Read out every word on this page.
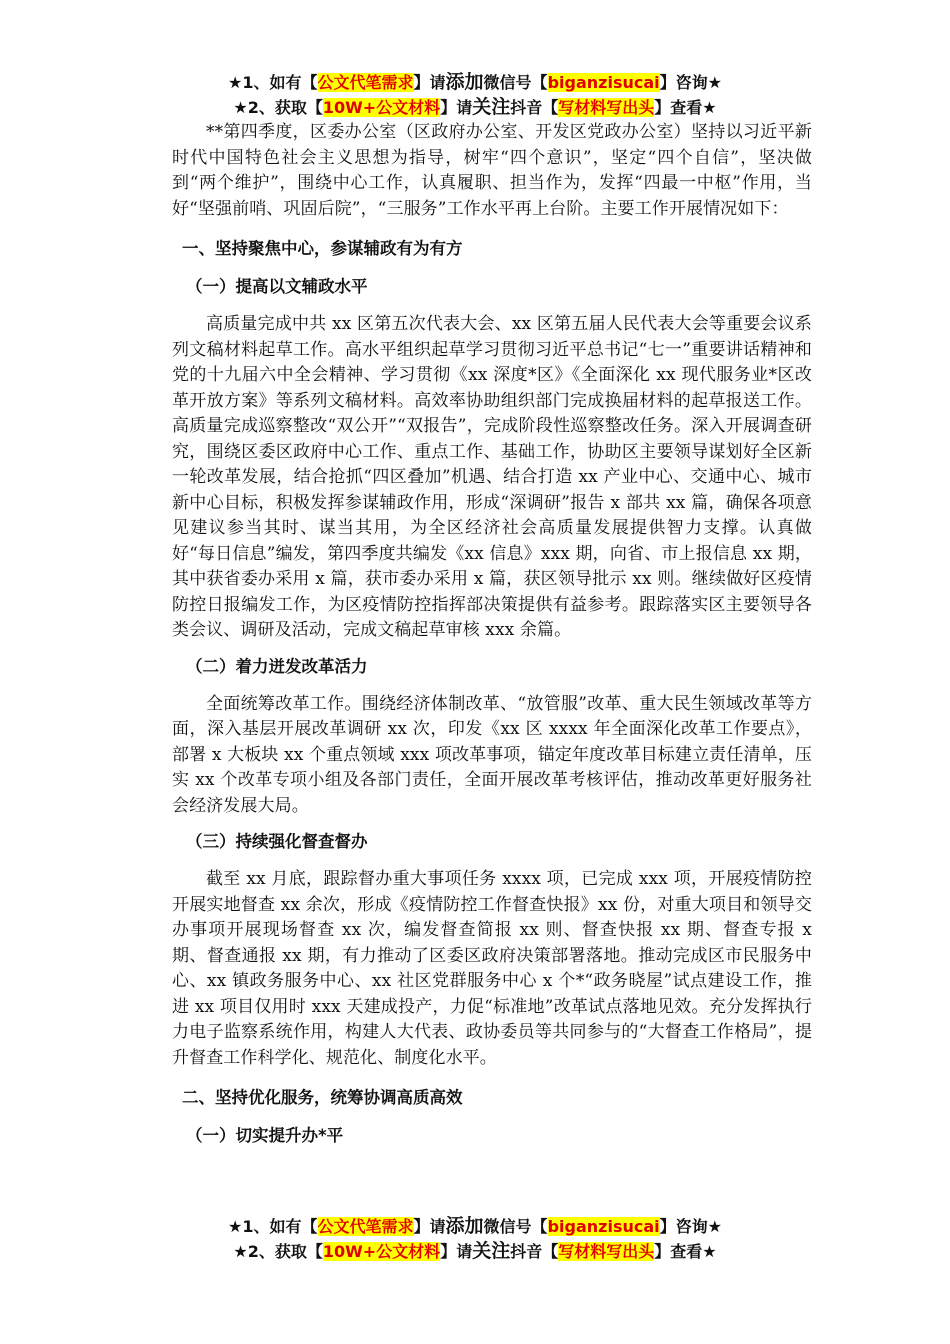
★1、如有【公文代笔需求】请添加微信号【biganzisucai】咨询★
★2、获取【10W+公文材料】请关注抖音【写材料写出头】查看★

**第四季度，区委办公室（区政府办公室、开发区党政办公室）坚持以习近平新时代中国特色社会主义思想为指导，树牢“四个意识”，坚定“四个自信”，坚决做到“两个维护”，围绕中心工作，认真履职、担当作为，发挥“四最一中枢”作用，当好“坚强前哨、巩固后院”，“三服务”工作水平再上台阶。主要工作开展情况如下：

一、坚持聚焦中心，参谋辅政有为有方
（一）提高以文辅政水平

高质量完成中共 xx 区第五次代表大会、xx 区第五届人民代表大会等重要会议系列文稿材料起草工作。高水平组织起草学习贯彻习近平总书记“七一”重要讲话精神和党的十九届六中全会精神、学习贯彻《xx 深度*区》《全面深化 xx 现代服务业*区改革开放方案》等系列文稿材料。高效率协助组织部门完成换届材料的起草报送工作。高质量完成巡察整改“双公开”“双报告”，完成阶段性巡察整改任务。深入开展调查研究，围绕区委区政府中心工作、重点工作、基础工作，协助区主要领导谋划好全区新一轮改革发展，结合抢抓“四区叠加”机遇、结合打造 xx 产业中心、交通中心、城市新中心目标，积极发挥参谋辅政作用，形成“深调研”报告 x 部共 xx 篇，确保各项意见建议参当其时、谋当其用，为全区经济社会高质量发展提供智力支撑。认真做好“每日信息”编发，第四季度共编发《xx 信息》xxx 期，向省、市上报信息 xx 期，其中获省委办采用 x 篇，获市委办采用 x 篇，获区领导批示 xx 则。继续做好区疫情防控日报编发工作，为区疫情防控指挥部决策提供有益参考。跟踪落实区主要领导各类会议、调研及活动，完成文稿起草审核 xxx 余篇。

（二）着力迸发改革活力

全面统筹改革工作。围绕经济体制改革、“放管服”改革、重大民生领域改革等方面，深入基层开展改革调研 xx 次，印发《xx 区 xxxx 年全面深化改革工作要点》，部署 x 大板块 xx 个重点领域 xxx 项改革事项，锚定年度改革目标建立责任清单，压实 xx 个改革专项小组及各部门责任，全面开展改革考核评估，推动改革更好服务社会经济发展大局。

（三）持续强化督查督办

截至 xx 月底，跟踪督办重大事项任务 xxxx 项，已完成 xxx 项，开展疫情防控开展实地督查 xx 余次，形成《疫情防控工作督查快报》xx 份，对重大项目和领导交办事项开展现场督查 xx 次，编发督查简报 xx 则、督查快报 xx 期、督查专报 x 期、督查通报 xx 期，有力推动了区委区政府决策部署落地。推动完成区市民服务中心、xx 镇政务服务中心、xx 社区党群服务中心 x 个*“政务晓屋”试点建设工作，推进 xx 项目仅用时 xxx 天建成投产，力促“标准地”改革试点落地见效。充分发挥执行力电子监察系统作用，构建人大代表、政协委员等共同参与的“大督查工作格局”，提升督查工作科学化、规范化、制度化水平。

二、坚持优化服务，统筹协调高质高效
（一）切实提升办*平
★1、如有【公文代笔需求】请添加微信号【biganzisucai】咨询★
★2、获取【10W+公文材料】请关注抖音【写材料写出头】查看★
